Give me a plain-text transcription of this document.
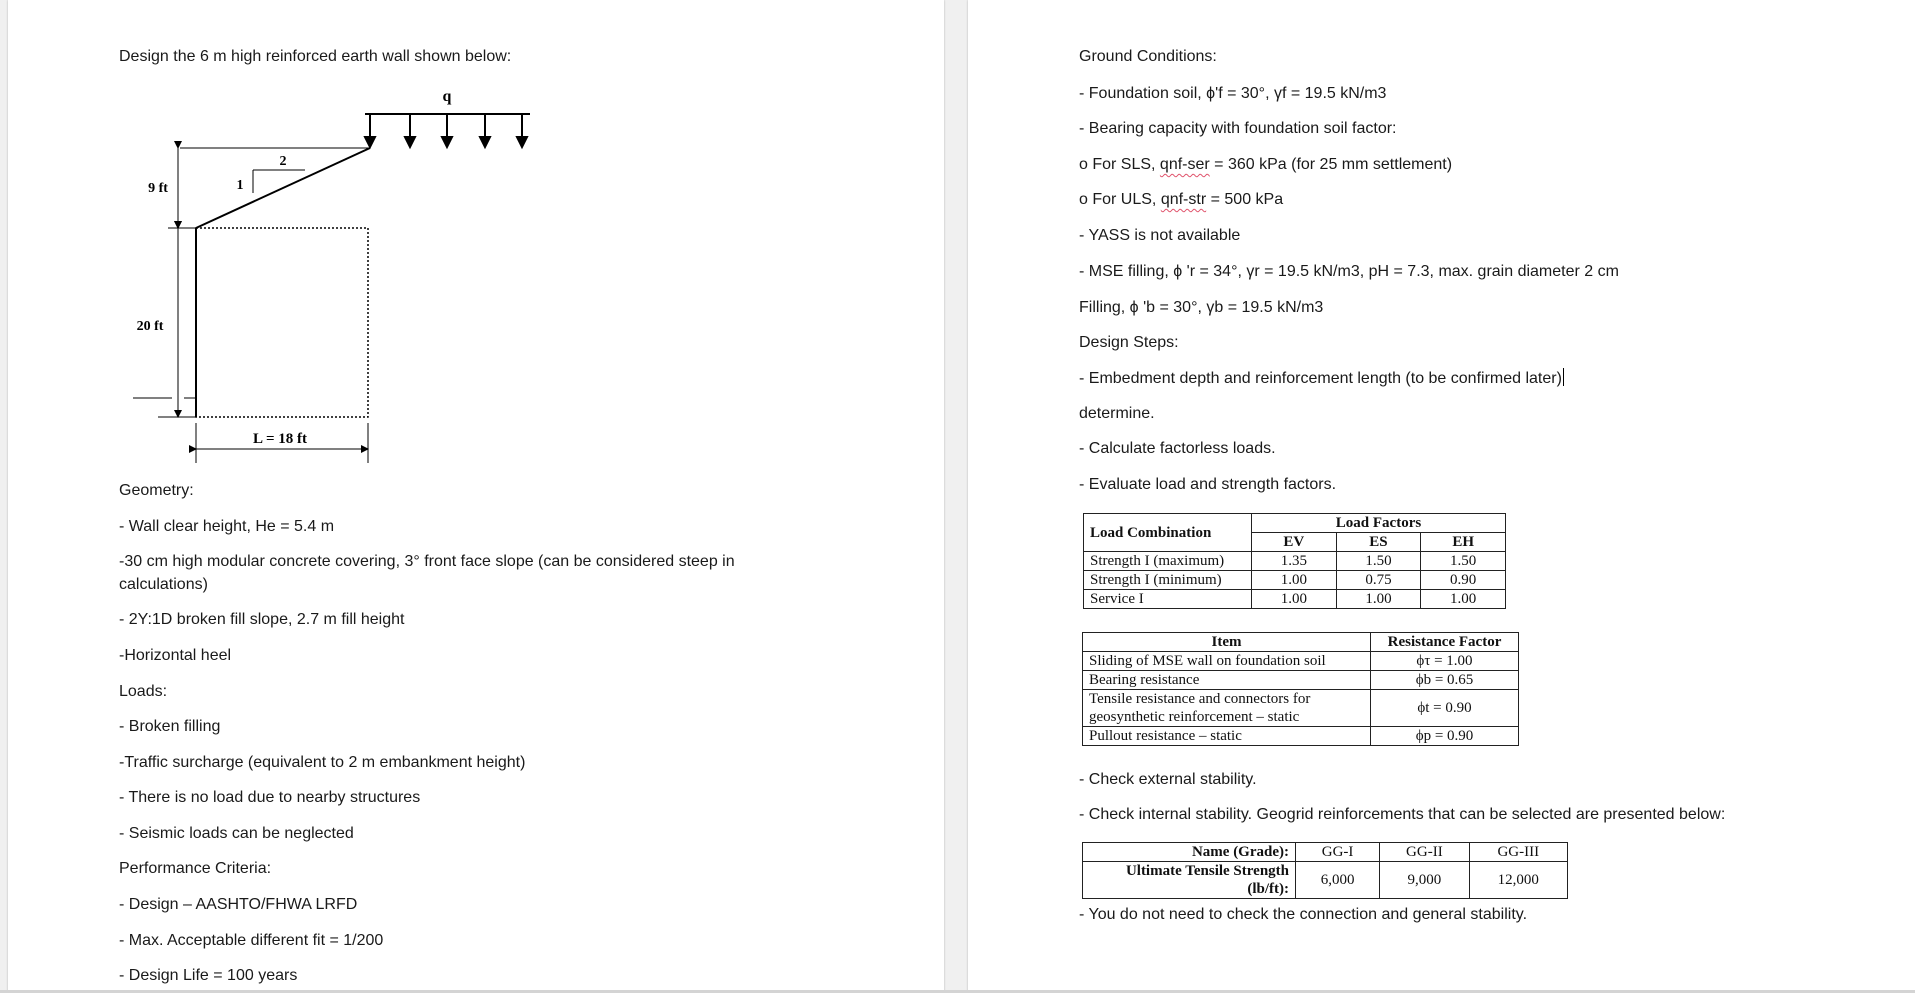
Design the 6 m high reinforced earth wall shown below:
q
2
1
9 ft
20 ft
L = 18 ft
Geometry:
- Wall clear height, He = 5.4 m
-30 cm high modular concrete covering, 3° front face slope (can be considered steep in calculations)
- 2Y:1D broken fill slope, 2.7 m fill height
-Horizontal heel
Loads:
- Broken filling
-Traffic surcharge (equivalent to 2 m embankment height)
- There is no load due to nearby structures
- Seismic loads can be neglected
Performance Criteria:
- Design – AASHTO/FHWA LRFD
- Max. Acceptable different fit = 1/200
- Design Life = 100 years
Ground Conditions:
- Foundation soil, ϕ'f = 30°, γf = 19.5 kN/m3
- Bearing capacity with foundation soil factor:
o For SLS, qnf-ser = 360 kPa (for 25 mm settlement)
o For ULS, qnf-str = 500 kPa
- YASS is not available
- MSE filling, ϕ 'r = 34°, γr = 19.5 kN/m3, pH = 7.3, max. grain diameter 2 cm
Filling, ϕ 'b = 30°, γb = 19.5 kN/m3
Design Steps:
- Embedment depth and reinforcement length (to be confirmed later)
determine.
- Calculate factorless loads.
- Evaluate load and strength factors.
Load Combination	Load Factors		
	EV	ES	EH
Strength I (maximum)	1.35	1.50	1.50
Strength I (minimum)	1.00	0.75	0.90
Service I	1.00	1.00	1.00
Item	Resistance Factor
Sliding of MSE wall on foundation soil	ϕτ = 1.00
Bearing resistance	ϕb = 0.65
Tensile resistance and connectors for geosynthetic reinforcement – static	ϕt = 0.90
Pullout resistance – static	ϕp = 0.90
- Check external stability.
- Check internal stability. Geogrid reinforcements that can be selected are presented below:
Name (Grade):	GG-I	GG-II	GG-III
Ultimate Tensile Strength (lb/ft):	6,000	9,000	12,000
- You do not need to check the connection and general stability.
